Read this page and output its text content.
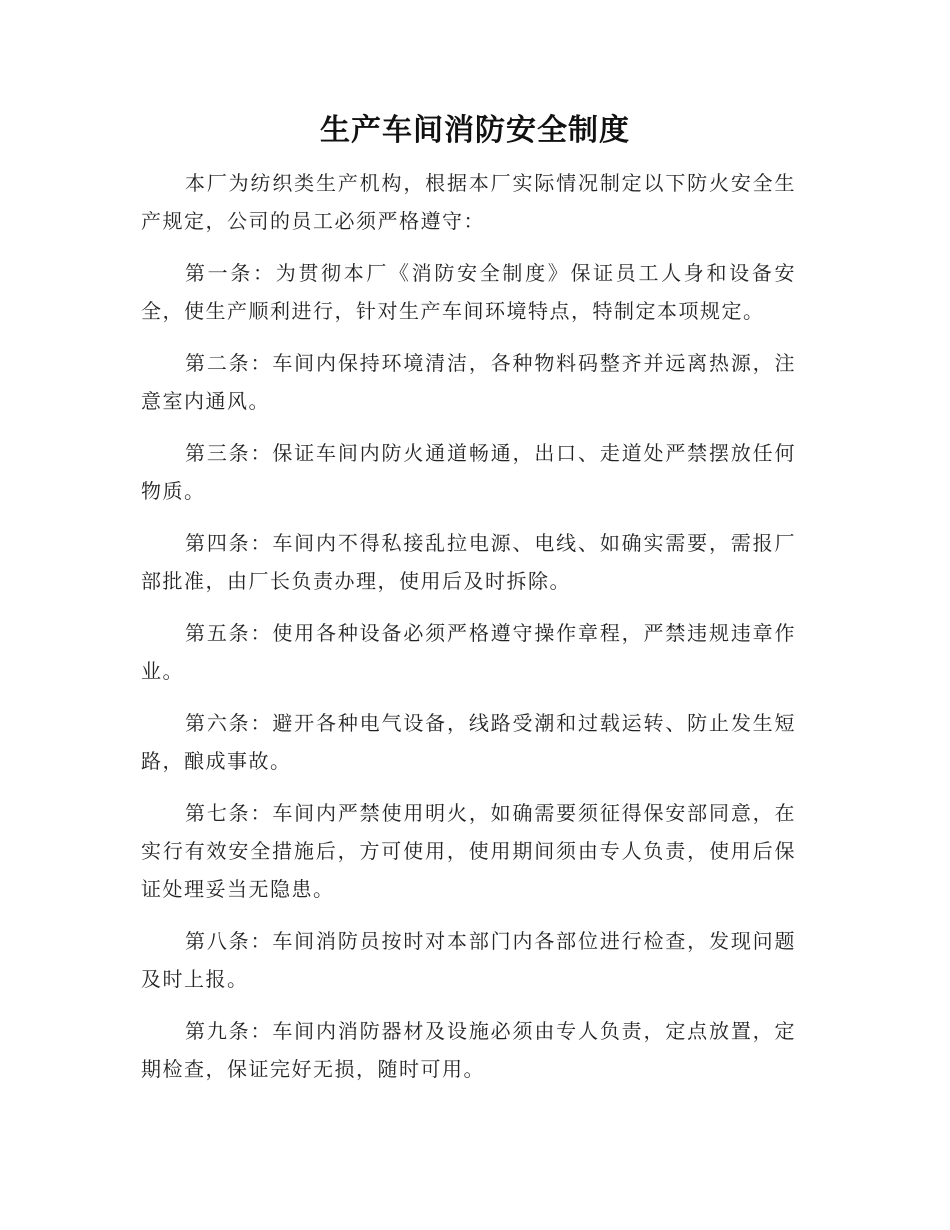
生产车间消防安全制度

本厂为纺织类生产机构，根据本厂实际情况制定以下防火安全生产规定，公司的员工必须严格遵守：

第一条：为贯彻本厂《消防安全制度》保证员工人身和设备安全，使生产顺利进行，针对生产车间环境特点，特制定本项规定。

第二条：车间内保持环境清洁，各种物料码整齐并远离热源，注意室内通风。

第三条：保证车间内防火通道畅通，出口、走道处严禁摆放任何物质。

第四条：车间内不得私接乱拉电源、电线、如确实需要，需报厂部批准，由厂长负责办理，使用后及时拆除。

第五条：使用各种设备必须严格遵守操作章程，严禁违规违章作业。

第六条：避开各种电气设备，线路受潮和过载运转、防止发生短路，酿成事故。

第七条：车间内严禁使用明火，如确需要须征得保安部同意，在实行有效安全措施后，方可使用，使用期间须由专人负责，使用后保证处理妥当无隐患。

第八条：车间消防员按时对本部门内各部位进行检查，发现问题及时上报。

第九条：车间内消防器材及设施必须由专人负责，定点放置，定期检查，保证完好无损，随时可用。
